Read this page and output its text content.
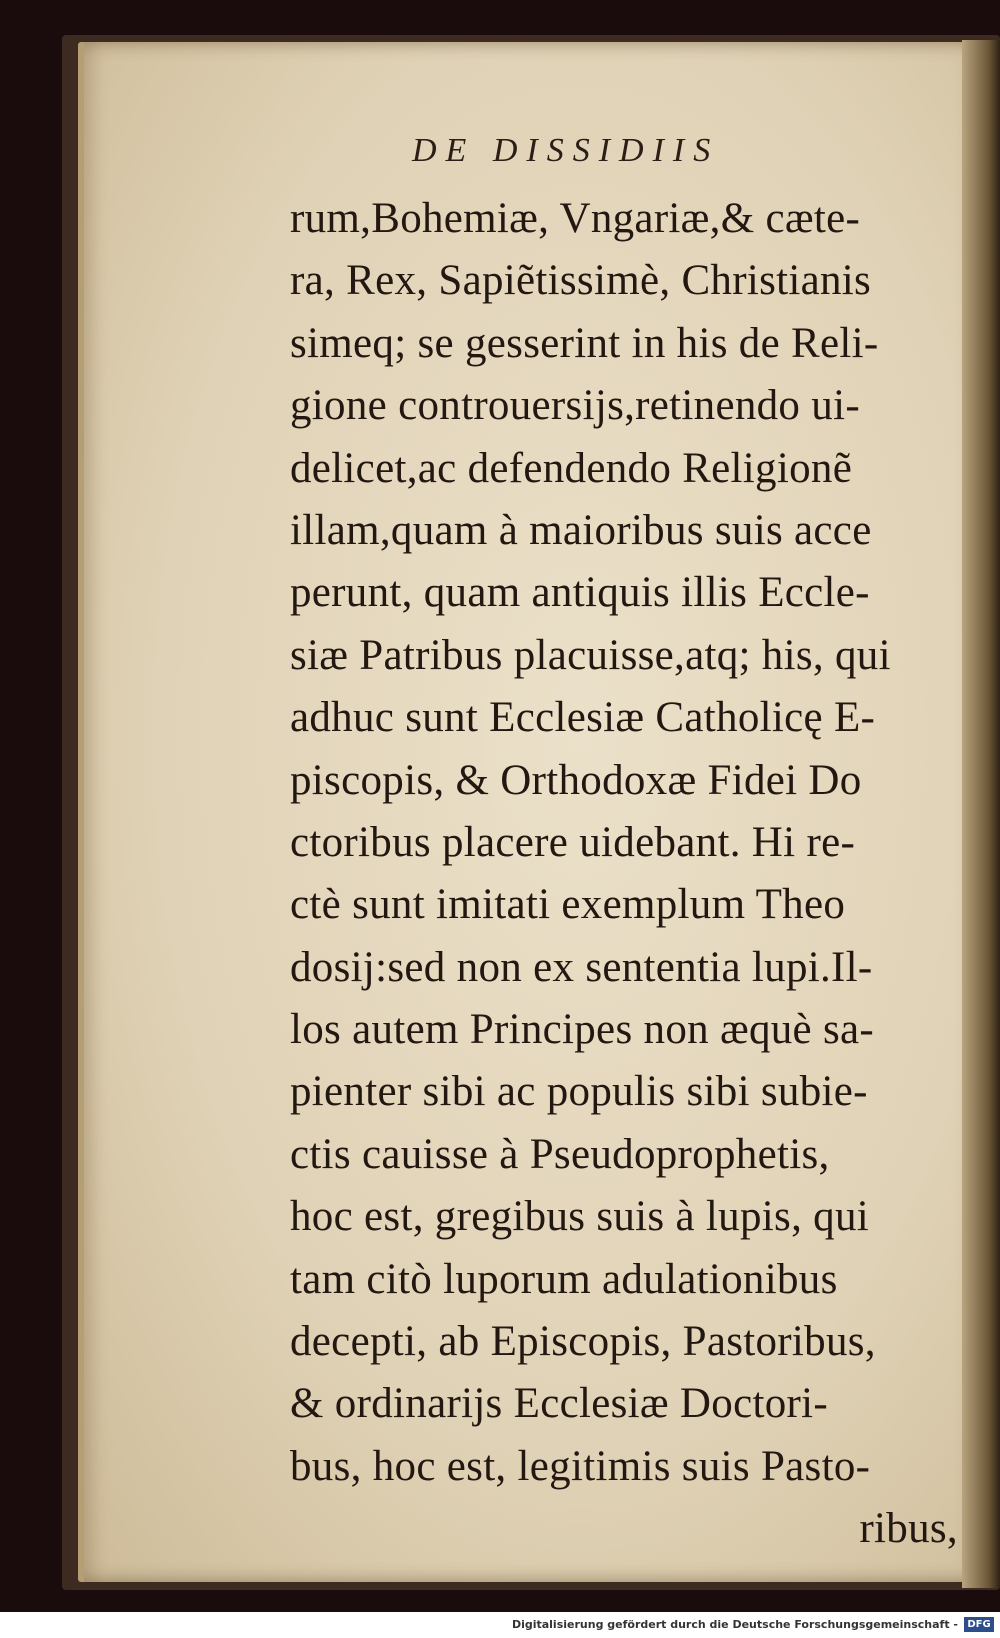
DE DISSIDIIS
rum,Bohemiæ, Vngariæ,& cæte-
ra, Rex, Sapiẽtissimè, Christianis
simeq; se gesserint in his de Reli-
gione controuersijs,retinendo ui-
delicet,ac defendendo Religionẽ
illam,quam à maioribus suis acce
perunt, quam antiquis illis Eccle-
siæ Patribus placuisse,atq; his, qui
adhuc sunt Ecclesiæ Catholicę E-
piscopis, & Orthodoxæ Fidei Do
ctoribus placere uidebant. Hi re-
ctè sunt imitati exemplum Theo
dosij:sed non ex sententia lupi.Il-
los autem Principes non æquè sa-
pienter sibi ac populis sibi subie-
ctis cauisse à Pseudoprophetis,
hoc est, gregibus suis à lupis, qui
tam citò luporum adulationibus
decepti, ab Episcopis, Pastoribus,
& ordinarijs Ecclesiæ Doctori-
bus, hoc est, legitimis suis Pasto-
ribus,
Digitalisierung gefördert durch die Deutsche Forschungsgemeinschaft - DFG
